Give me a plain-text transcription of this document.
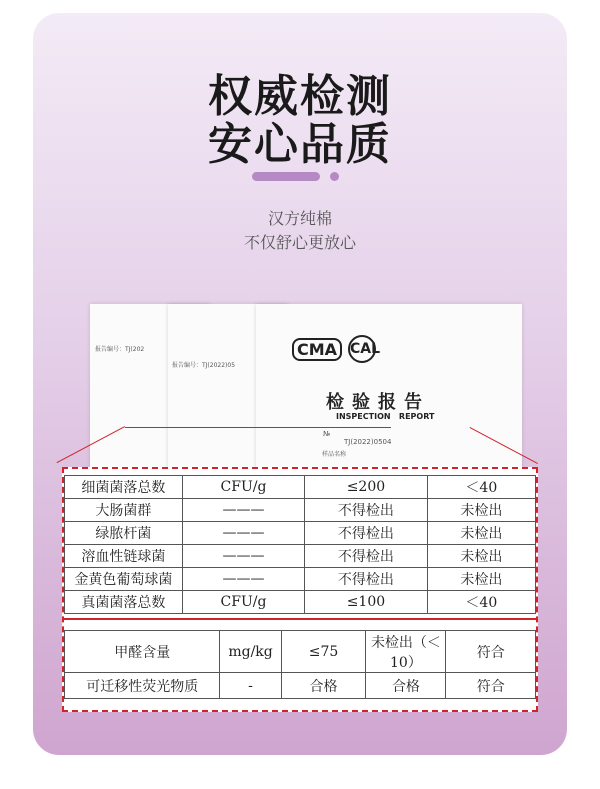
权威检测
安心品质
汉方纯棉
不仅舒心更放心
报告编号：TJ(202
报告编号：TJ(2022)05
CMA CAL
检验报告
INSPECTION   REPORT
№
TJ(2022)0504
样品名称
细菌菌落总数	CFU/g	≤200	＜40
大肠菌群	———	不得检出	未检出
绿脓杆菌	———	不得检出	未检出
溶血性链球菌	———	不得检出	未检出
金黄色葡萄球菌	———	不得检出	未检出
真菌菌落总数	CFU/g	≤100	＜40
甲醛含量	mg/kg	≤75	未检出（＜10）	符合
可迁移性荧光物质	-	合格	合格	符合
